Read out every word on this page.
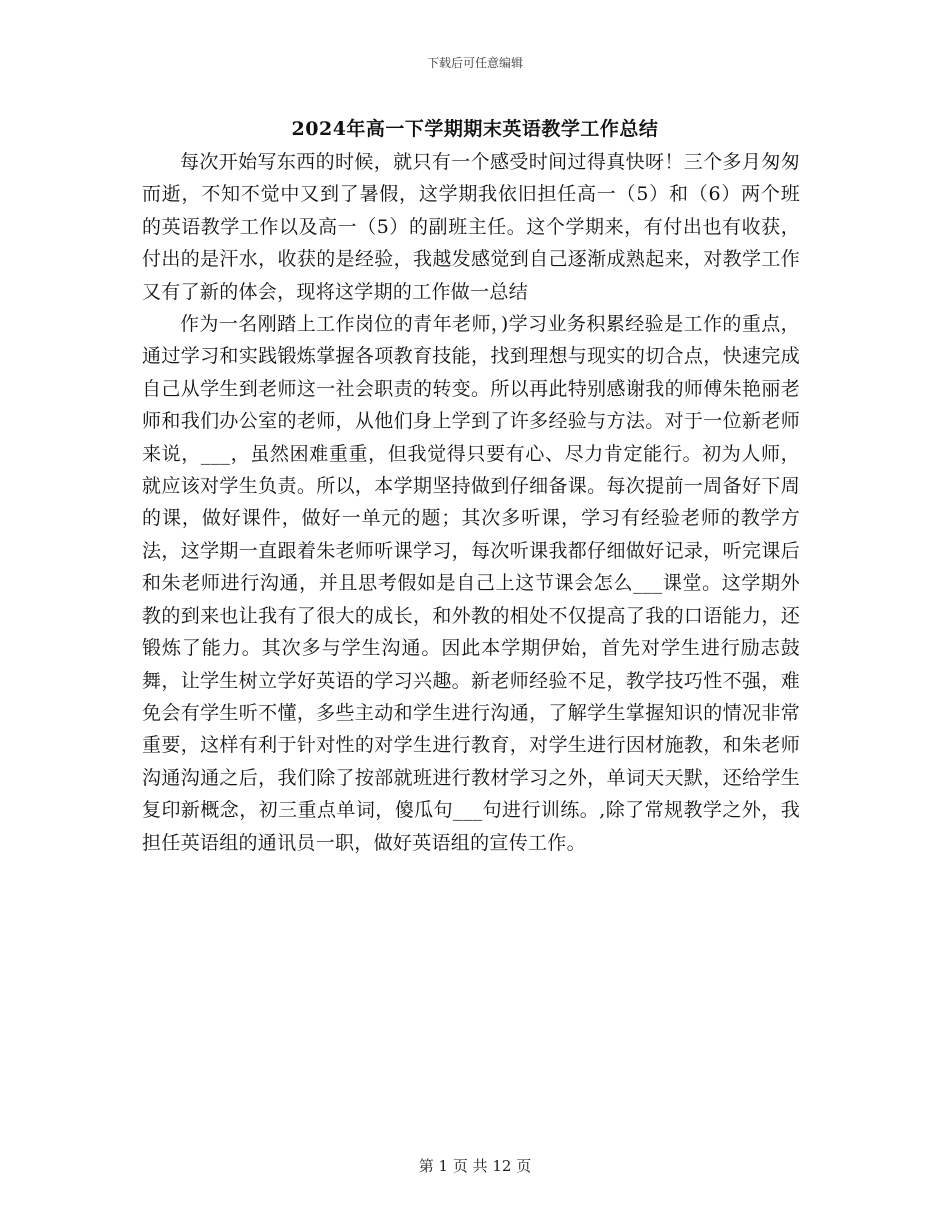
下载后可任意编辑
2024年高一下学期期末英语教学工作总结

每次开始写东西的时候，就只有一个感受时间过得真快呀！三个多月匆匆而逝，不知不觉中又到了暑假，这学期我依旧担任高一（5）和（6）两个班的英语教学工作以及高一（5）的副班主任。这个学期来，有付出也有收获，付出的是汗水，收获的是经验，我越发感觉到自己逐渐成熟起来，对教学工作又有了新的体会，现将这学期的工作做一总结

作为一名刚踏上工作岗位的青年老师，)学习业务积累经验是工作的重点，通过学习和实践锻炼掌握各项教育技能，找到理想与现实的切合点，快速完成自己从学生到老师这一社会职责的转变。所以再此特别感谢我的师傅朱艳丽老师和我们办公室的老师，从他们身上学到了许多经验与方法。对于一位新老师来说，___，虽然困难重重，但我觉得只要有心、尽力肯定能行。初为人师，就应该对学生负责。所以，本学期坚持做到仔细备课。每次提前一周备好下周的课，做好课件，做好一单元的题；其次多听课，学习有经验老师的教学方法，这学期一直跟着朱老师听课学习，每次听课我都仔细做好记录，听完课后和朱老师进行沟通，并且思考假如是自己上这节课会怎么___课堂。这学期外教的到来也让我有了很大的成长，和外教的相处不仅提高了我的口语能力，还锻炼了能力。其次多与学生沟通。因此本学期伊始，首先对学生进行励志鼓舞，让学生树立学好英语的学习兴趣。新老师经验不足，教学技巧性不强，难免会有学生听不懂，多些主动和学生进行沟通，了解学生掌握知识的情况非常重要，这样有利于针对性的对学生进行教育，对学生进行因材施教，和朱老师沟通沟通之后，我们除了按部就班进行教材学习之外，单词天天默，还给学生复印新概念，初三重点单词，傻瓜句___句进行训练。,除了常规教学之外，我担任英语组的通讯员一职，做好英语组的宣传工作。

第 1 页 共 12 页
